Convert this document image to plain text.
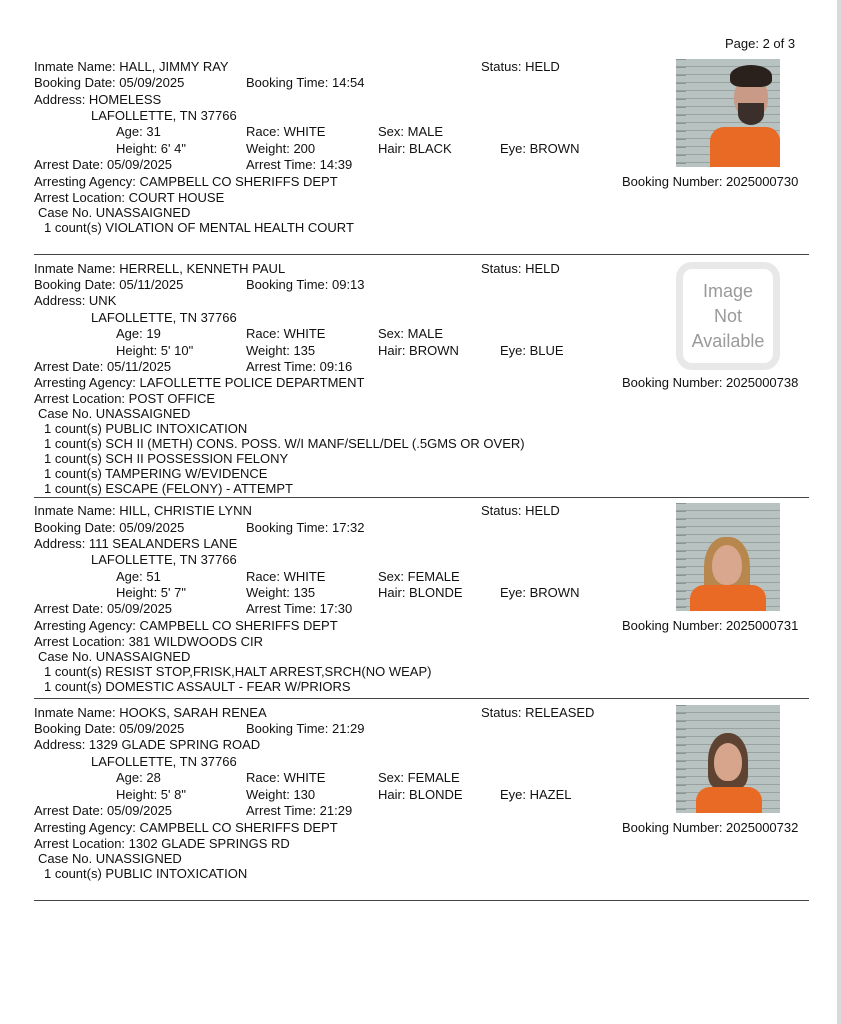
Page: 2 of 3
Inmate Name: HALL, JIMMY RAY	Status: HELD
Booking Date: 05/09/2025	Booking Time: 14:54
Address: HOMELESS
LAFOLLETTE, TN 37766
Age: 31	Race: WHITE	Sex: MALE
Height: 6' 4"	Weight: 200	Hair: BLACK	Eye: BROWN
Arrest Date: 05/09/2025	Arrest Time: 14:39
Arresting Agency: CAMPBELL CO SHERIFFS DEPT	Booking Number: 2025000730
Arrest Location: COURT HOUSE
Case No. UNASSAIGNED
1 count(s) VIOLATION OF MENTAL HEALTH COURT
Inmate Name: HERRELL, KENNETH PAUL	Status: HELD
Booking Date: 05/11/2025	Booking Time: 09:13
Address: UNK
LAFOLLETTE, TN 37766
Age: 19	Race: WHITE	Sex: MALE
Height: 5' 10"	Weight: 135	Hair: BROWN	Eye: BLUE
Arrest Date: 05/11/2025	Arrest Time: 09:16
Arresting Agency: LAFOLLETTE POLICE DEPARTMENT	Booking Number: 2025000738
Arrest Location: POST OFFICE
Case No. UNASSAIGNED
1 count(s) PUBLIC INTOXICATION
1 count(s) SCH II (METH) CONS. POSS. W/I MANF/SELL/DEL (.5GMS OR OVER)
1 count(s) SCH II POSSESSION FELONY
1 count(s) TAMPERING W/EVIDENCE
1 count(s) ESCAPE (FELONY) - ATTEMPT
Image
Not
Available
Inmate Name: HILL, CHRISTIE LYNN	Status: HELD
Booking Date: 05/09/2025	Booking Time: 17:32
Address: 111 SEALANDERS LANE
LAFOLLETTE, TN 37766
Age: 51	Race: WHITE	Sex: FEMALE
Height: 5' 7"	Weight: 135	Hair: BLONDE	Eye: BROWN
Arrest Date: 05/09/2025	Arrest Time: 17:30
Arresting Agency: CAMPBELL CO SHERIFFS DEPT	Booking Number: 2025000731
Arrest Location: 381 WILDWOODS CIR
Case No. UNASSAIGNED
1 count(s) RESIST STOP,FRISK,HALT ARREST,SRCH(NO WEAP)
1 count(s) DOMESTIC ASSAULT - FEAR W/PRIORS
Inmate Name: HOOKS, SARAH RENEA	Status: RELEASED
Booking Date: 05/09/2025	Booking Time: 21:29
Address: 1329 GLADE SPRING ROAD
LAFOLLETTE, TN 37766
Age: 28	Race: WHITE	Sex: FEMALE
Height: 5' 8"	Weight: 130	Hair: BLONDE	Eye: HAZEL
Arrest Date: 05/09/2025	Arrest Time: 21:29
Arresting Agency: CAMPBELL CO SHERIFFS DEPT	Booking Number: 2025000732
Arrest Location: 1302 GLADE SPRINGS RD
Case No. UNASSIGNED
1 count(s) PUBLIC INTOXICATION
